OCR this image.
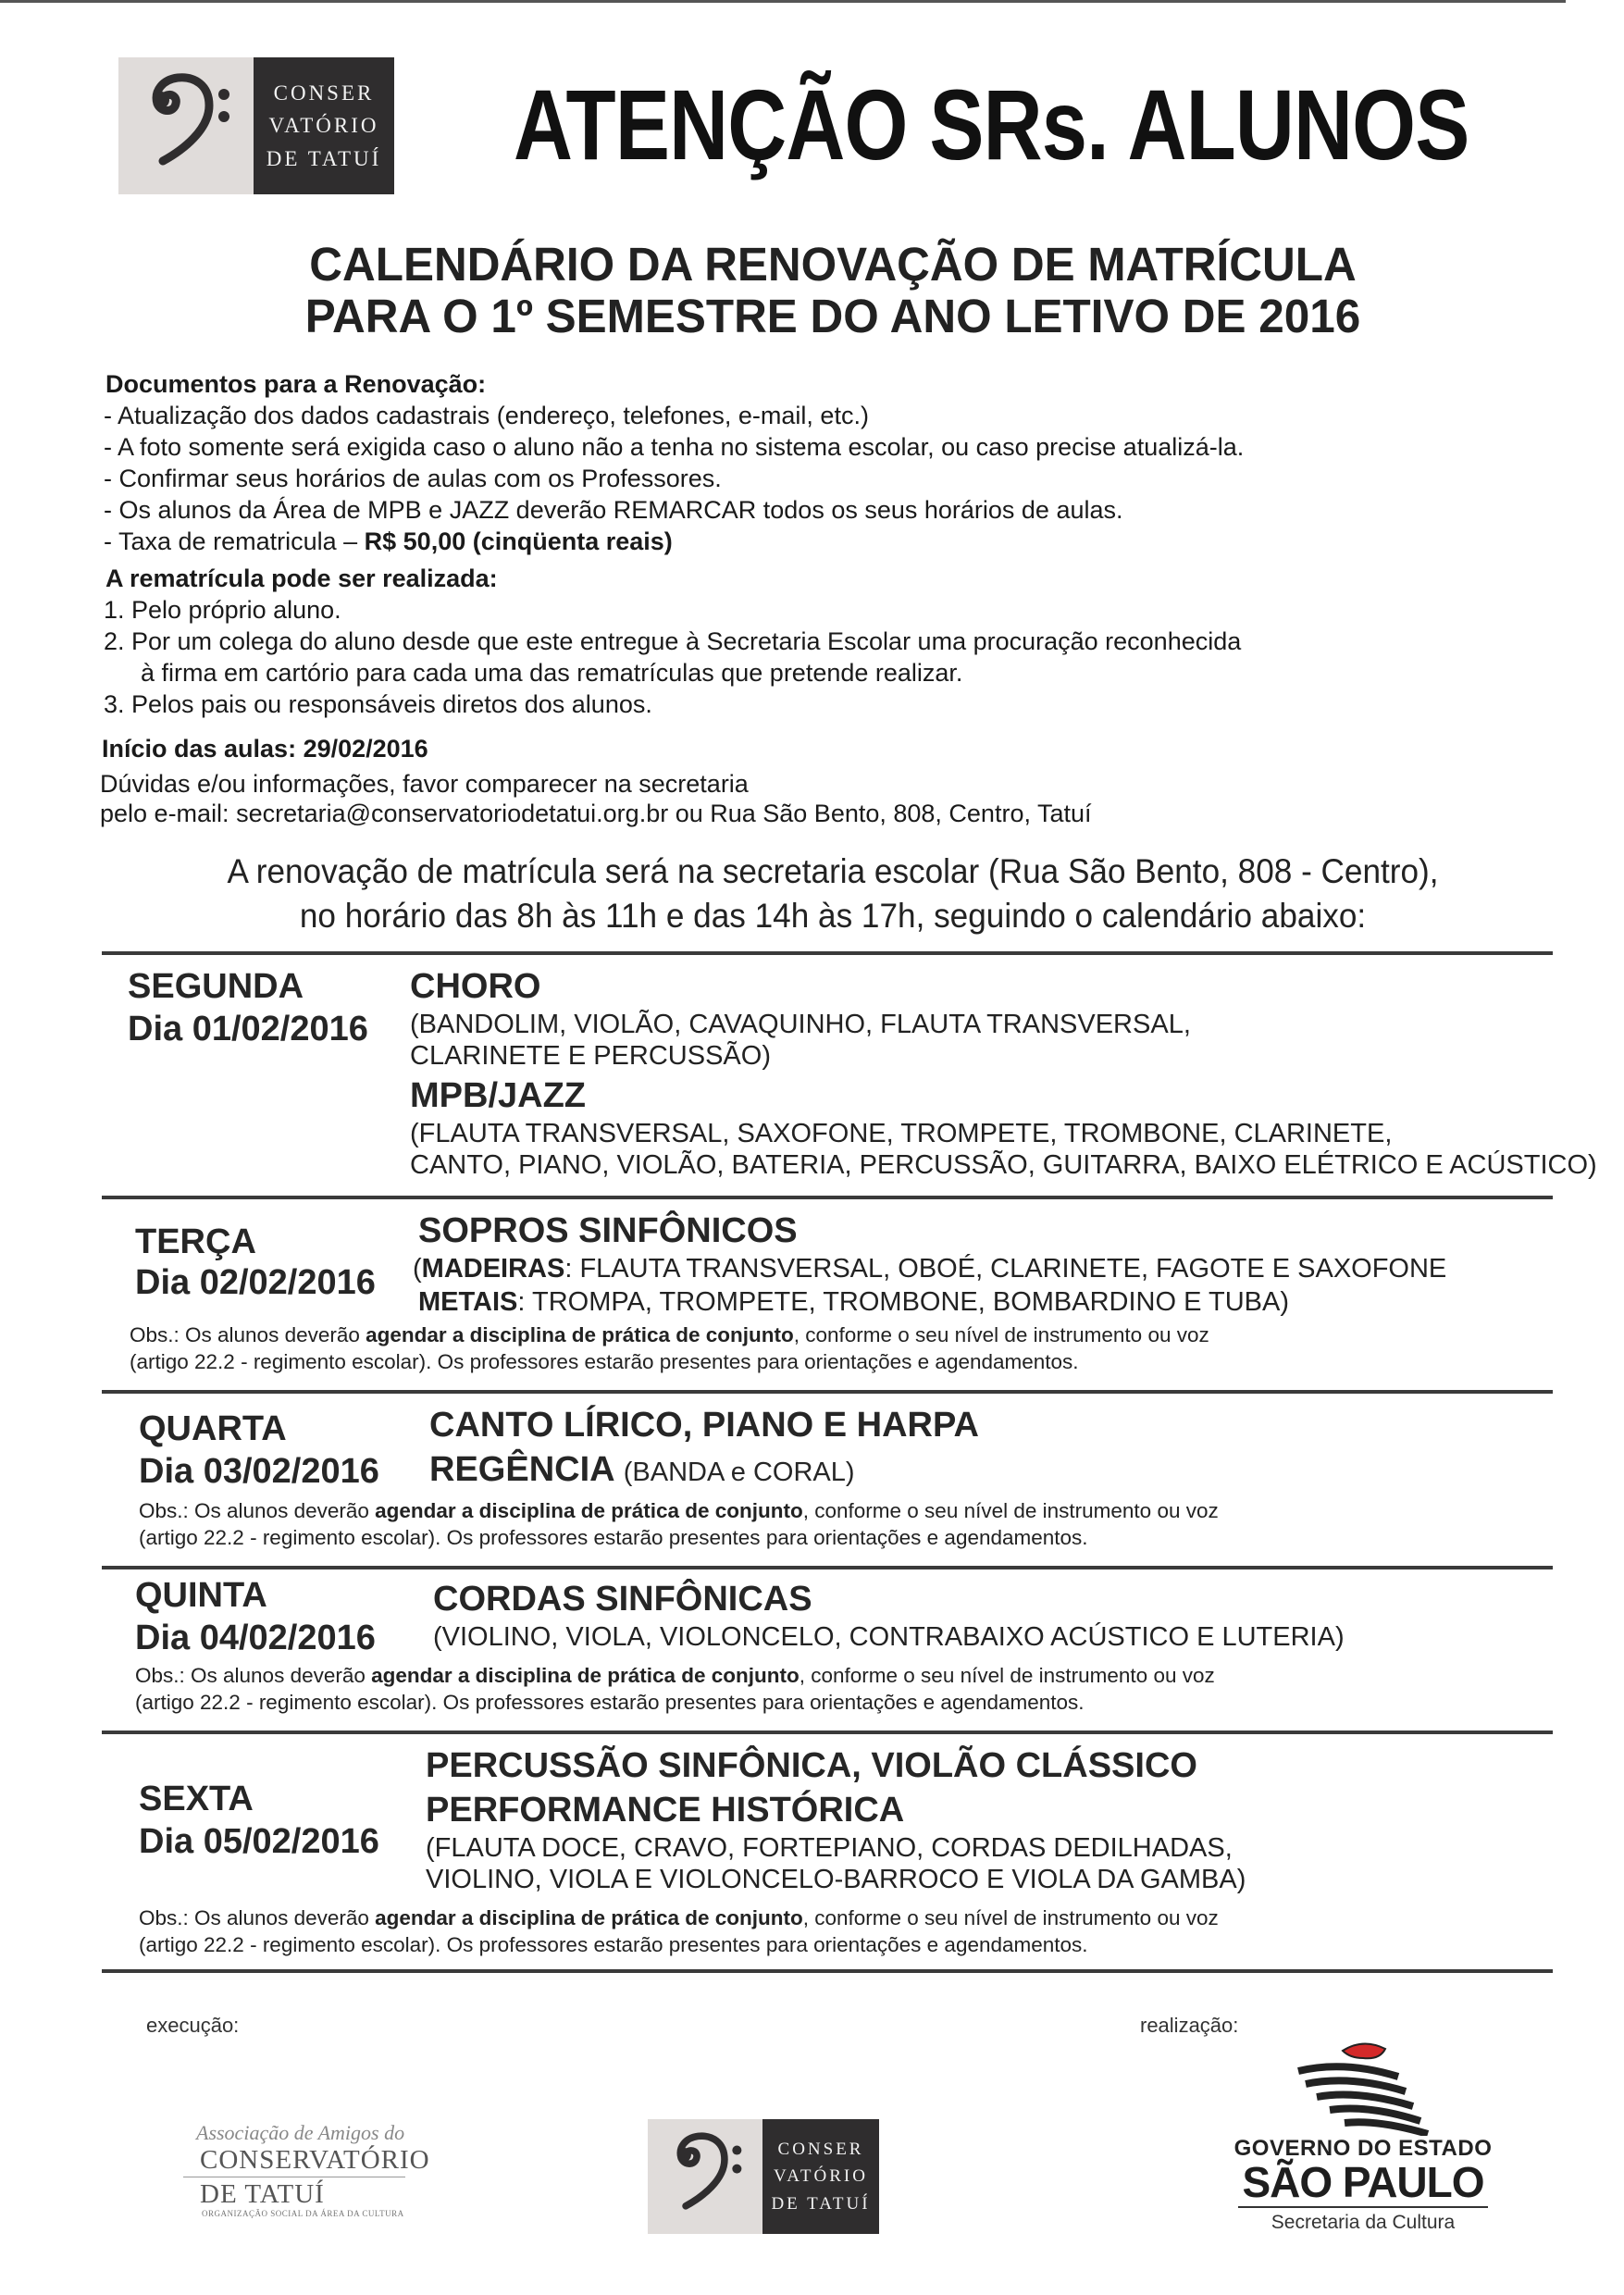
CONSER
VATÓRIO
DE TATUÍ ATENÇÃO SRs. ALUNOS
CALENDÁRIO DA RENOVAÇÃO DE MATRÍCULA
PARA O 1º SEMESTRE DO ANO LETIVO DE 2016
Documentos para a Renovação:
- Atualização dos dados cadastrais (endereço, telefones, e-mail, etc.)
- A foto somente será exigida caso o aluno não a tenha no sistema escolar, ou caso precise atualizá-la.
- Confirmar seus horários de aulas com os Professores.
- Os alunos da Área de MPB e JAZZ deverão REMARCAR todos os seus horários de aulas.
- Taxa de rematricula – R$ 50,00 (cinqüenta reais)
A rematrícula pode ser realizada:
1. Pelo próprio aluno.
2. Por um colega do aluno desde que este entregue à Secretaria Escolar uma procuração reconhecida
à firma em cartório para cada uma das rematrículas que pretende realizar.
3. Pelos pais ou responsáveis diretos dos alunos.
Início das aulas: 29/02/2016
Dúvidas e/ou informações, favor comparecer na secretaria
pelo e-mail: secretaria@conservatoriodetatui.org.br ou Rua São Bento, 808, Centro, Tatuí
A renovação de matrícula será na secretaria escolar (Rua São Bento, 808 - Centro),
no horário das 8h às 11h e das 14h às 17h, seguindo o calendário abaixo:
SEGUNDA
Dia 01/02/2016
CHORO
(BANDOLIM, VIOLÃO, CAVAQUINHO, FLAUTA TRANSVERSAL,
CLARINETE E PERCUSSÃO)
MPB/JAZZ
(FLAUTA TRANSVERSAL, SAXOFONE, TROMPETE, TROMBONE, CLARINETE,
CANTO, PIANO, VIOLÃO, BATERIA, PERCUSSÃO, GUITARRA, BAIXO ELÉTRICO E ACÚSTICO)
TERÇA
Dia 02/02/2016
SOPROS SINFÔNICOS
(MADEIRAS: FLAUTA TRANSVERSAL, OBOÉ, CLARINETE, FAGOTE E SAXOFONE
METAIS: TROMPA, TROMPETE, TROMBONE, BOMBARDINO E TUBA)
Obs.: Os alunos deverão agendar a disciplina de prática de conjunto, conforme o seu nível de instrumento ou voz
(artigo 22.2 - regimento escolar). Os professores estarão presentes para orientações e agendamentos.
QUARTA
Dia 03/02/2016
CANTO LÍRICO, PIANO E HARPA
REGÊNCIA (BANDA e CORAL)
Obs.: Os alunos deverão agendar a disciplina de prática de conjunto, conforme o seu nível de instrumento ou voz
(artigo 22.2 - regimento escolar). Os professores estarão presentes para orientações e agendamentos.
QUINTA
Dia 04/02/2016
CORDAS SINFÔNICAS
(VIOLINO, VIOLA, VIOLONCELO, CONTRABAIXO ACÚSTICO E LUTERIA)
Obs.: Os alunos deverão agendar a disciplina de prática de conjunto, conforme o seu nível de instrumento ou voz
(artigo 22.2 - regimento escolar). Os professores estarão presentes para orientações e agendamentos.
PERCUSSÃO SINFÔNICA, VIOLÃO CLÁSSICO
SEXTA	PERFORMANCE HISTÓRICA
Dia 05/02/2016 (FLAUTA DOCE, CRAVO, FORTEPIANO, CORDAS DEDILHADAS,
VIOLINO, VIOLA E VIOLONCELO-BARROCO E VIOLA DA GAMBA)
Obs.: Os alunos deverão agendar a disciplina de prática de conjunto, conforme o seu nível de instrumento ou voz
(artigo 22.2 - regimento escolar). Os professores estarão presentes para orientações e agendamentos.
execução:	realização:
Associação de Amigos do
CONSERVATÓRIO
DE TATUÍ
ORGANIZAÇÃO SOCIAL DA ÁREA DA CULTURA
CONSER
VATÓRIO
DE TATUÍ
GOVERNO DO ESTADO
SÃO PAULO
Secretaria da Cultura
